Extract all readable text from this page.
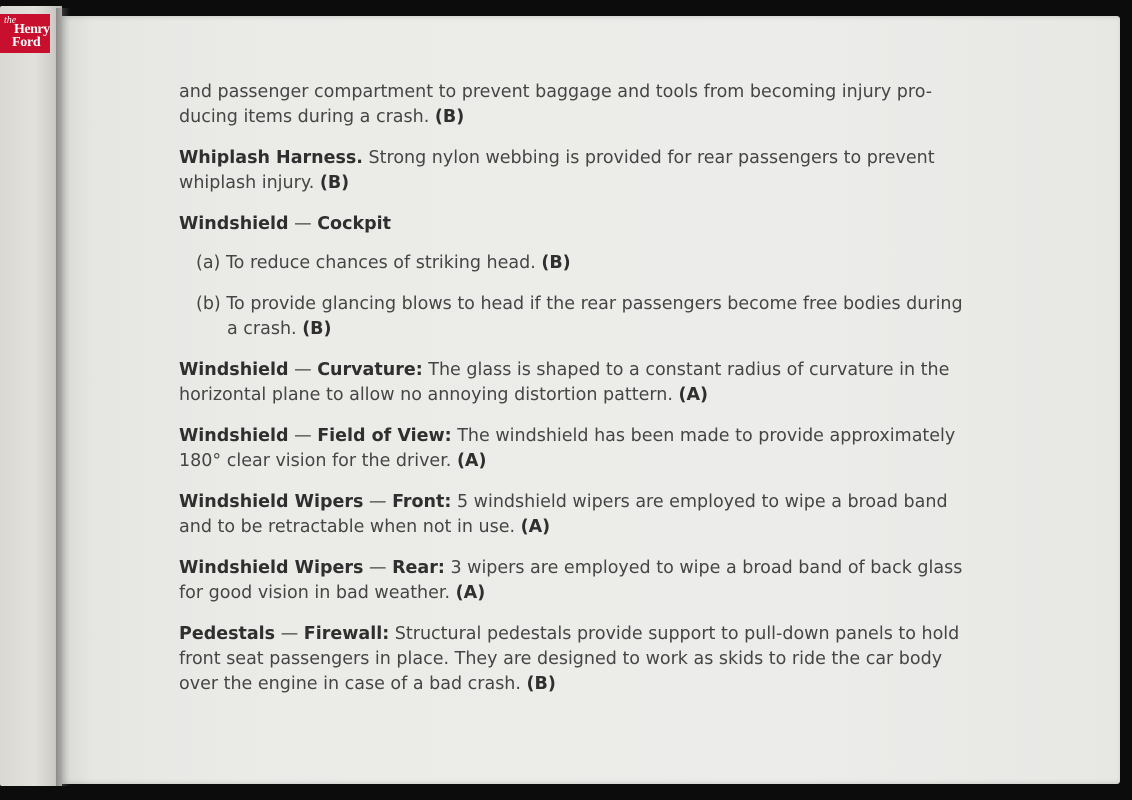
the
Henry
Ford

and passenger compartment to prevent baggage and tools from becoming injury pro-ducing items during a crash. (B)

Whiplash Harness. Strong nylon webbing is provided for rear passengers to prevent whiplash injury. (B)

Windshield — Cockpit

(a) To reduce chances of striking head. (B)

(b) To provide glancing blows to head if the rear passengers become free bodies during a crash. (B)

Windshield — Curvature: The glass is shaped to a constant radius of curvature in the horizontal plane to allow no annoying distortion pattern. (A)

Windshield — Field of View: The windshield has been made to provide approximately 180° clear vision for the driver. (A)

Windshield Wipers — Front: 5 windshield wipers are employed to wipe a broad band and to be retractable when not in use. (A)

Windshield Wipers — Rear: 3 wipers are employed to wipe a broad band of back glass for good vision in bad weather. (A)

Pedestals — Firewall: Structural pedestals provide support to pull-down panels to hold front seat passengers in place. They are designed to work as skids to ride the car body over the engine in case of a bad crash. (B)
